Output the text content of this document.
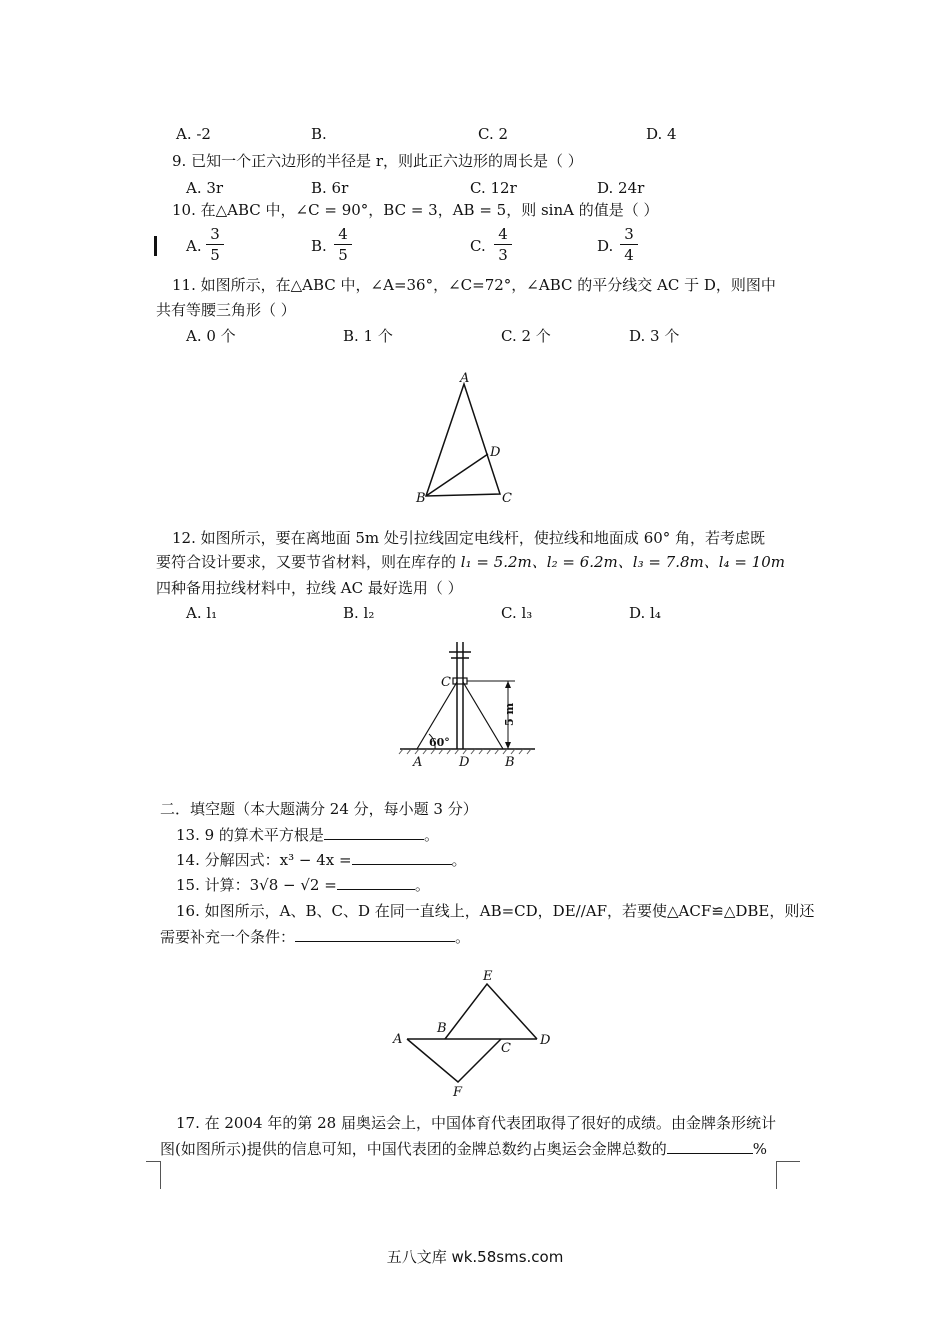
A. -2	B.	C. 2	D. 4
9. 已知一个正六边形的半径是 r，则此正六边形的周长是（ ）
A. 3r	B. 6r	C. 12r	D. 24r
10. 在△ABC 中，∠C = 90°，BC = 3，AB = 5，则 sinA 的值是（ ）
A.
3
5	B.
4
5	C.
4
3	D.
3
4
11. 如图所示，在△ABC 中，∠A=36°，∠C=72°，∠ABC 的平分线交 AC 于 D，则图中
共有等腰三角形（ ）
A. 0 个	B. 1 个	C. 2 个	D. 3 个
A
D
B	C
12. 如图所示，要在离地面 5m 处引拉线固定电线杆，使拉线和地面成 60° 角，若考虑既
要符合设计要求，又要节省材料，则在库存的 l₁ = 5.2m、l₂ = 6.2m、l₃ = 7.8m、l₄ = 10m
四种备用拉线材料中，拉线 AC 最好选用（ ）
A. l₁	B. l₂	C. l₃	D. l₄
C
5 m
60°
A	D	B
二．填空题（本大题满分 24 分，每小题 3 分）
13. 9 的算术平方根是	。
14. 分解因式：x³ − 4x =	。
15. 计算：3√8 − √2 =	。
16. 如图所示，A、B、C、D 在同一直线上，AB=CD，DE//AF，若要使△ACF≌△DBE，则还
需要补充一个条件：	。
E
A
B
C
D
F
17. 在 2004 年的第 28 届奥运会上，中国体育代表团取得了很好的成绩。由金牌条形统计
图(如图所示)提供的信息可知，中国代表团的金牌总数约占奥运会金牌总数的	%
五八文库 wk.58sms.com
